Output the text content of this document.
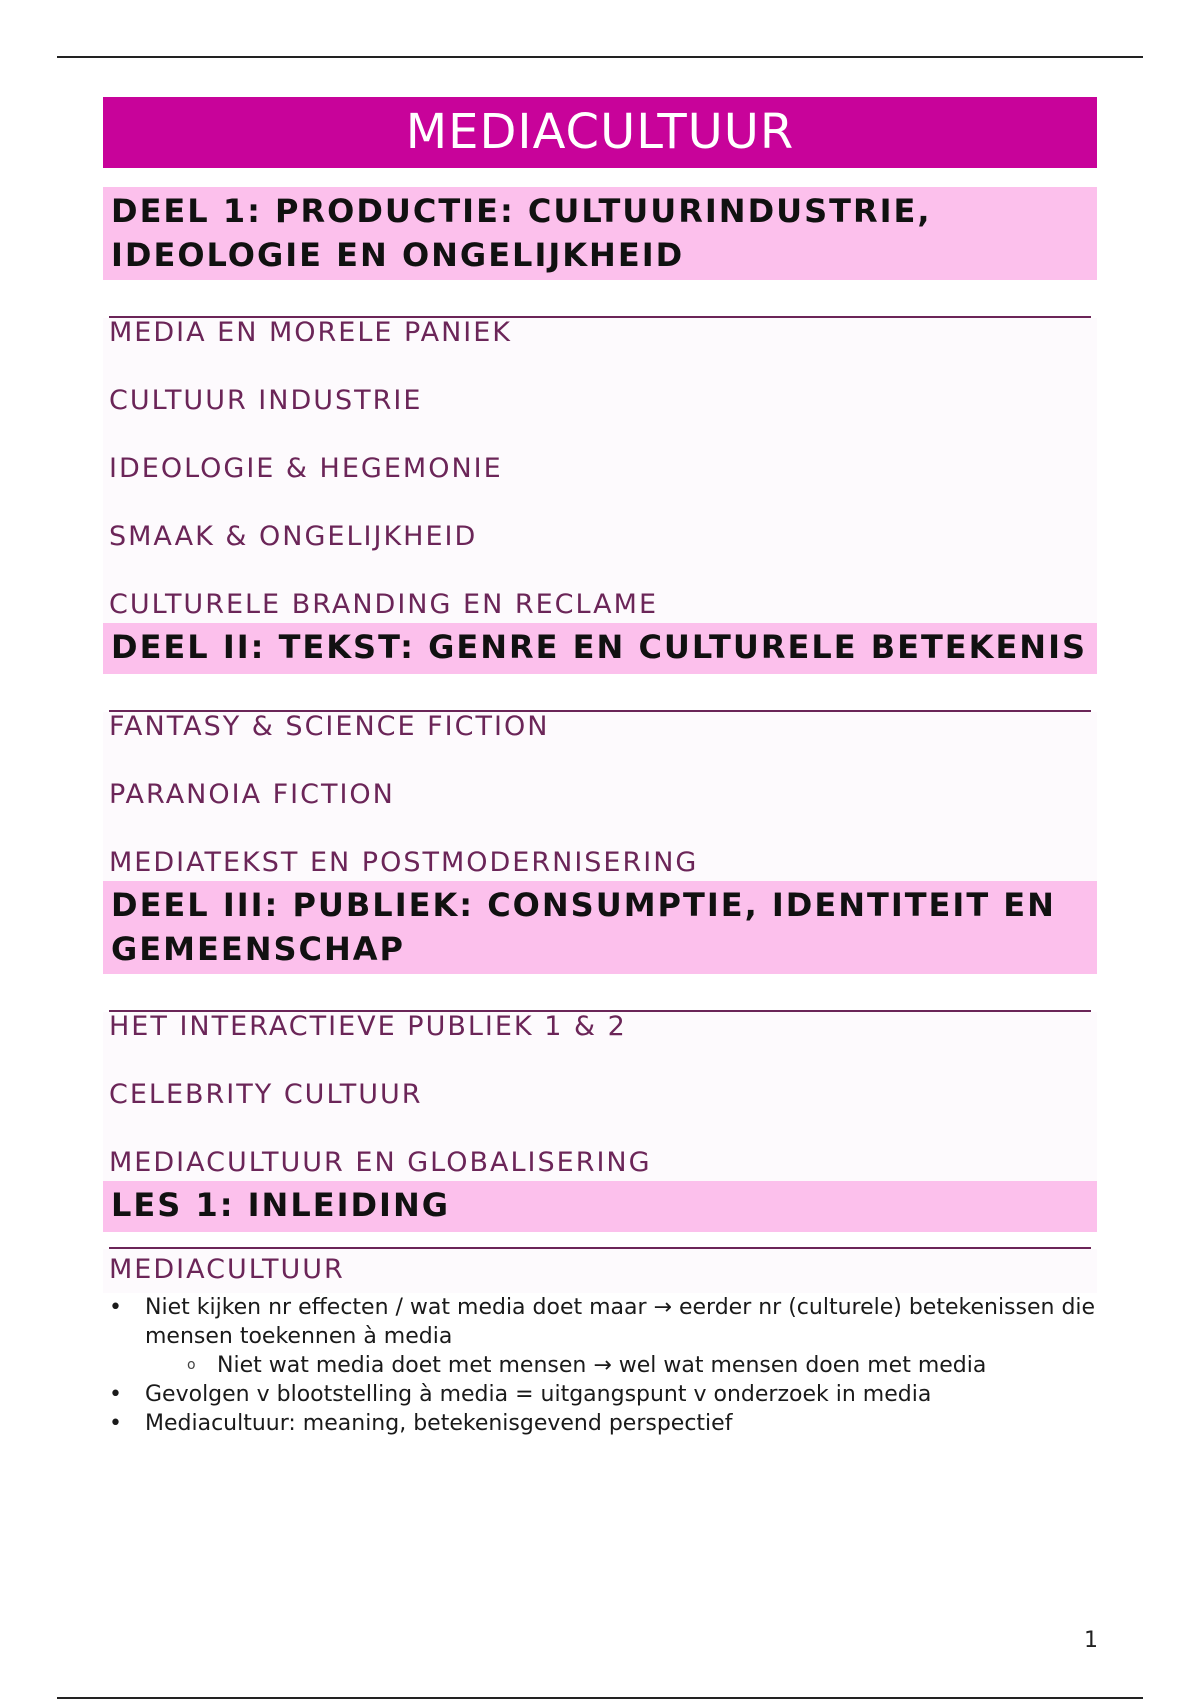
MEDIACULTUUR
DEEL 1: PRODUCTIE: CULTUURINDUSTRIE, IDEOLOGIE EN ONGELIJKHEID
MEDIA EN MORELE PANIEK
CULTUUR INDUSTRIE
IDEOLOGIE & HEGEMONIE
SMAAK & ONGELIJKHEID
CULTURELE BRANDING EN RECLAME
DEEL II: TEKST: GENRE EN CULTURELE BETEKENIS
FANTASY & SCIENCE FICTION
PARANOIA FICTION
MEDIATEKST EN POSTMODERNISERING
DEEL III: PUBLIEK: CONSUMPTIE, IDENTITEIT EN GEMEENSCHAP
HET INTERACTIEVE PUBLIEK 1 & 2
CELEBRITY CULTUUR
MEDIACULTUUR EN GLOBALISERING
LES 1: INLEIDING
MEDIACULTUUR
• Niet kijken nr effecten / wat media doet maar → eerder nr (culturele) betekenissen die mensen toekennen à media
o Niet wat media doet met mensen → wel wat mensen doen met media
• Gevolgen v blootstelling à media = uitgangspunt v onderzoek in media
• Mediacultuur: meaning, betekenisgevend perspectief
1
